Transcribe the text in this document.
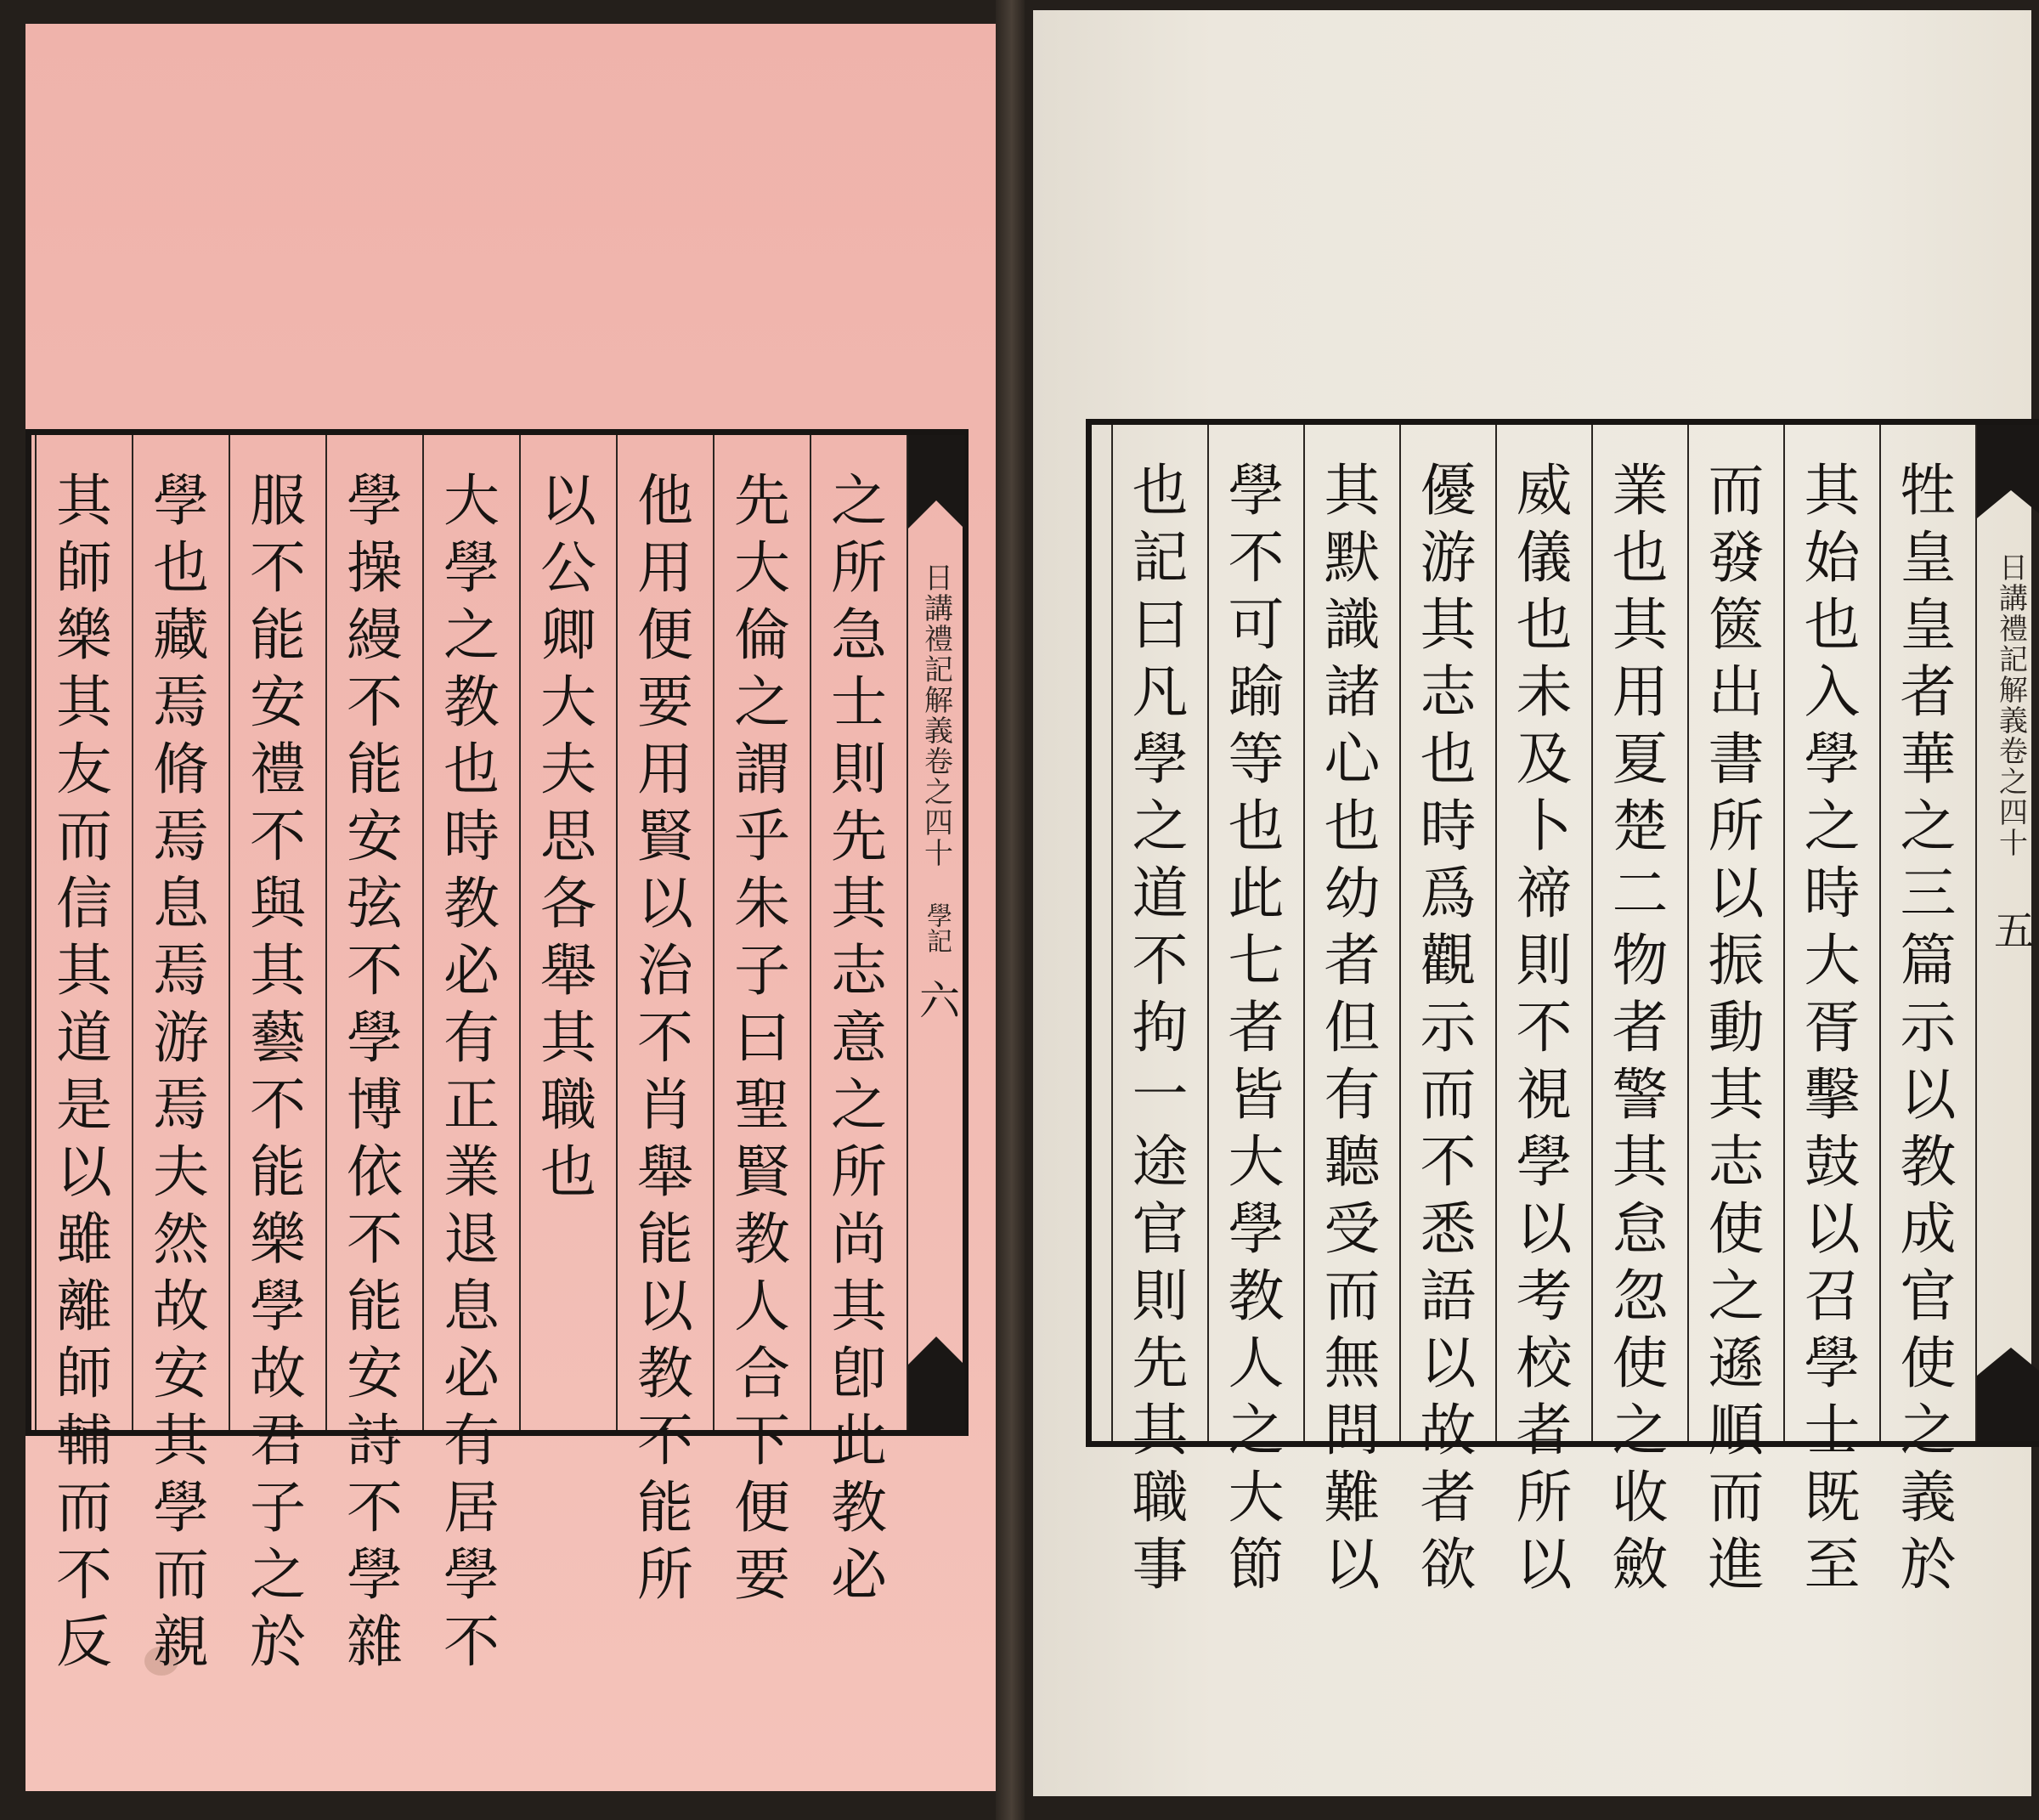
日講禮記解義卷之四十
學記
六
之
所
急
士
則
先
其
志
意
之
所
尚
其
卽
此
教
必
先
大
倫
之
謂
乎
朱
子
曰
聖
賢
教
人
合
下
便
要
他
用
便
要
用
賢
以
治
不
肖
舉
能
以
教
不
能
所
以
公
卿
大
夫
思
各
舉
其
職
也
大
學
之
教
也
時
教
必
有
正
業
退
息
必
有
居
學
不
學
操
縵
不
能
安
弦
不
學
博
依
不
能
安
詩
不
學
雜
服
不
能
安
禮
不
與
其
藝
不
能
樂
學
故
君
子
之
於
學
也
藏
焉
脩
焉
息
焉
游
焉
夫
然
故
安
其
學
而
親
其
師
樂
其
友
而
信
其
道
是
以
雖
離
師
輔
而
不
反
牲
皇
皇
者
華
之
三
篇
示
以
教
成
官
使
之
義
於
其
始
也
入
學
之
時
大
胥
擊
鼓
以
召
學
士
既
至
而
發
篋
出
書
所
以
振
動
其
志
使
之
遜
順
而
進
業
也
其
用
夏
楚
二
物
者
警
其
怠
忽
使
之
收
斂
威
儀
也
未
及
卜
禘
則
不
視
學
以
考
校
者
所
以
優
游
其
志
也
時
爲
觀
示
而
不
悉
語
以
故
者
欲
其
默
識
諸
心
也
幼
者
但
有
聽
受
而
無
問
難
以
學
不
可
踰
等
也
此
七
者
皆
大
學
教
人
之
大
節
也
記
曰
凡
學
之
道
不
拘
一
途
官
則
先
其
職
事
日講禮記解義卷之四十
五
